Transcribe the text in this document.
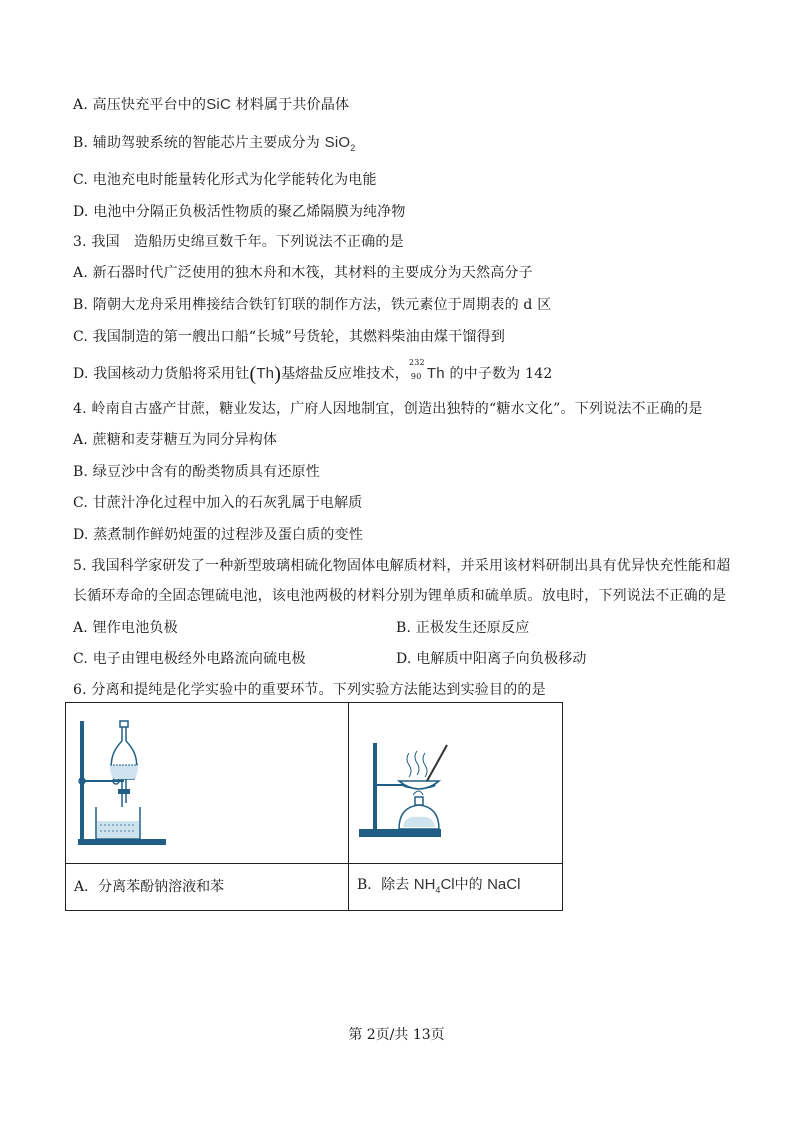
A. 高压快充平台中的SiC 材料属于共价晶体
B. 辅助驾驶系统的智能芯片主要成分为 SiO$_2$
C. 电池充电时能量转化形式为化学能转化为电能
D. 电池中分隔正负极活性物质的聚乙烯隔膜为纯净物
3. 我国　造船历史绵亘数千年。下列说法不正确的是
A. 新石器时代广泛使用的独木舟和木筏，其材料的主要成分为天然高分子
B. 隋朝大龙舟采用榫接结合铁钉钉联的制作方法，铁元素位于周期表的 d 区
C. 我国制造的第一艘出口船“长城”号货轮，其燃料柴油由煤干馏得到
D. 我国核动力货船将采用钍(Th)基熔盐反应堆技术，
232
90 Th 的中子数为 142
4. 岭南自古盛产甘蔗，糖业发达，广府人因地制宜，创造出独特的“糖水文化”。下列说法不正确的是
A. 蔗糖和麦芽糖互为同分异构体
B. 绿豆沙中含有的酚类物质具有还原性
C. 甘蔗汁净化过程中加入的石灰乳属于电解质
D. 蒸煮制作鲜奶炖蛋的过程涉及蛋白质的变性
5. 我国科学家研发了一种新型玻璃相硫化物固体电解质材料，并采用该材料研制出具有优异快充性能和超
长循环寿命的全固态锂硫电池，该电池两极的材料分别为锂单质和硫单质。放电时，下列说法不正确的是
A. 锂作电池负极	B. 正极发生还原反应
C. 电子由锂电极经外电路流向硫电极	D. 电解质中阳离子向负极移动
6. 分离和提纯是化学实验中的重要环节。下列实验方法能达到实验目的的是

A．分离苯酚钠溶液和苯	B．除去 $NH_4Cl$中的 NaCl
第 2页/共 13页
